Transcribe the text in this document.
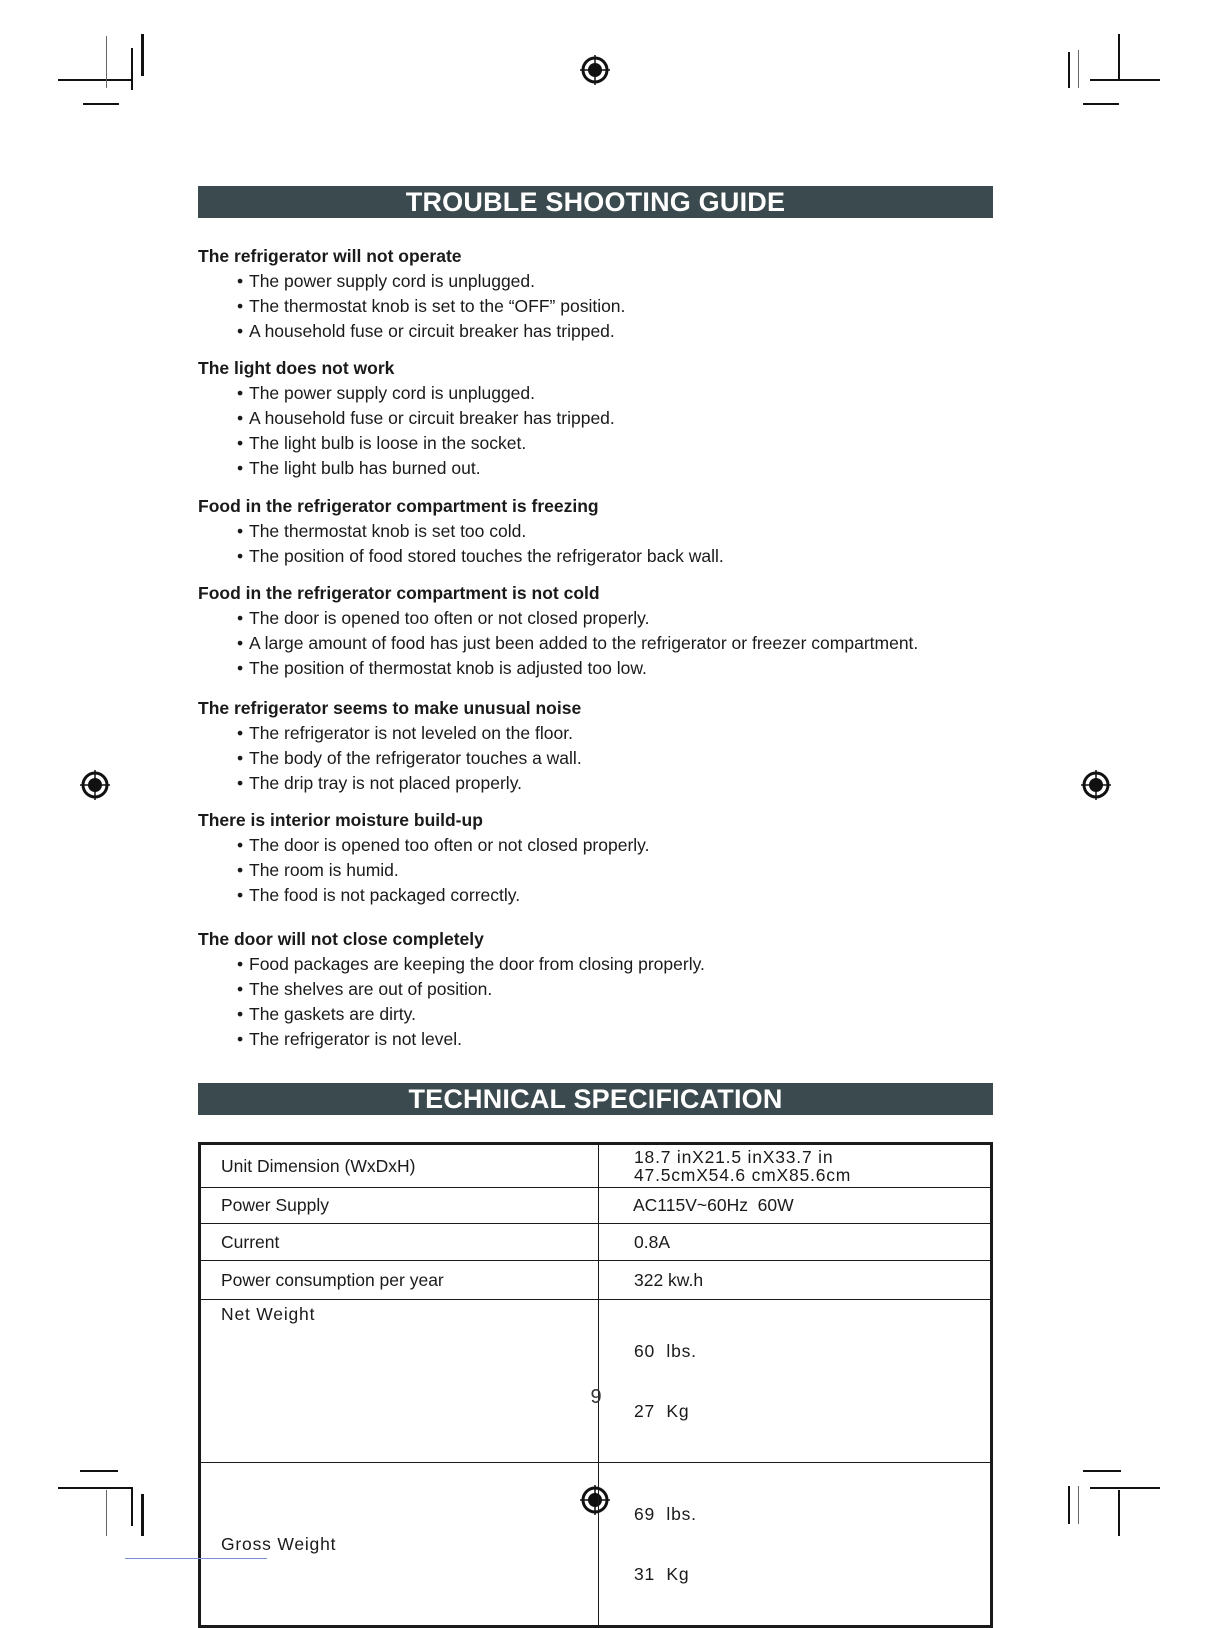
TROUBLE SHOOTING GUIDE
The refrigerator will not operate
• The power supply cord is unplugged.
• The thermostat knob is set to the “OFF” position.
• A household fuse or circuit breaker has tripped.
The light does not work
• The power supply cord is unplugged.
• A household fuse or circuit breaker has tripped.
• The light bulb is loose in the socket.
• The light bulb has burned out.
Food in the refrigerator compartment is freezing
• The thermostat knob is set too cold.
• The position of food stored touches the refrigerator back wall.
Food in the refrigerator compartment is not cold
• The door is opened too often or not closed properly.
• A large amount of food has just been added to the refrigerator or freezer compartment.
• The position of thermostat knob is adjusted too low.
The refrigerator seems to make unusual noise
• The refrigerator is not leveled on the floor.
• The body of the refrigerator touches a wall.
• The drip tray is not placed properly.
There is interior moisture build-up
• The door is opened too often or not closed properly.
• The room is humid.
• The food is not packaged correctly.
The door will not close completely
• Food packages are keeping the door from closing properly.
• The shelves are out of position.
• The gaskets are dirty.
• The refrigerator is not level.
TECHNICAL SPECIFICATION
Unit Dimension (WxDxH)	18.7 inX21.5 inX33.7 in
47.5cmX54.6 cmX85.6cm

Power Supply	AC115V~60Hz  60W
Current	0.8A
Power consumption per year	322 kw.h
Net Weight	60  lbs.

27  Kg

Gross Weight	69  lbs.

31  Kg

9
